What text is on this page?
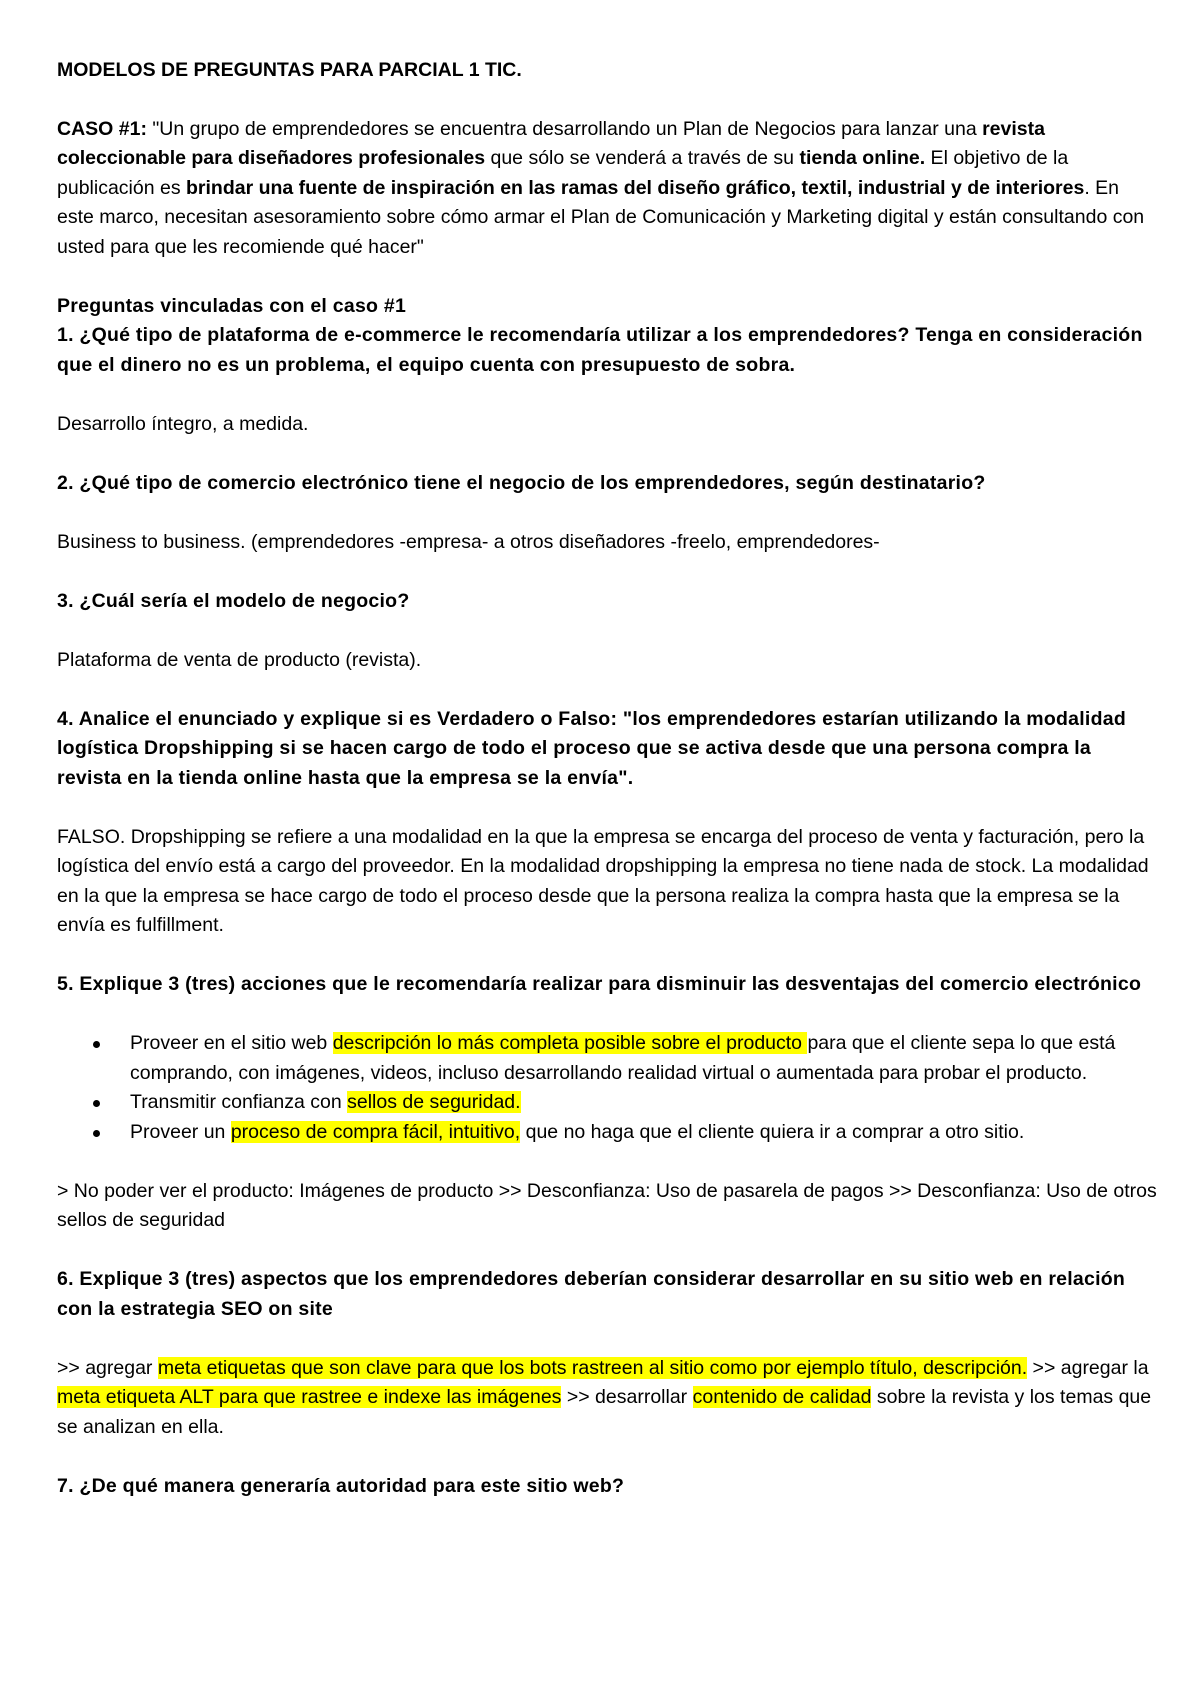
MODELOS DE PREGUNTAS PARA PARCIAL 1 TIC.

CASO #1: "Un grupo de emprendedores se encuentra desarrollando un Plan de Negocios para lanzar una revista coleccionable para diseñadores profesionales que sólo se venderá a través de su tienda online. El objetivo de la publicación es brindar una fuente de inspiración en las ramas del diseño gráfico, textil, industrial y de interiores. En este marco, necesitan asesoramiento sobre cómo armar el Plan de Comunicación y Marketing digital y están consultando con usted para que les recomiende qué hacer"

Preguntas vinculadas con el caso #1

1. ¿Qué tipo de plataforma de e-commerce le recomendaría utilizar a los emprendedores? Tenga en consideración que el dinero no es un problema, el equipo cuenta con presupuesto de sobra.

Desarrollo íntegro, a medida.

2. ¿Qué tipo de comercio electrónico tiene el negocio de los emprendedores, según destinatario?

Business to business. (emprendedores -empresa- a otros diseñadores -freelo, emprendedores-

3. ¿Cuál sería el modelo de negocio?

Plataforma de venta de producto (revista).

4. Analice el enunciado y explique si es Verdadero o Falso: "los emprendedores estarían utilizando la modalidad logística Dropshipping si se hacen cargo de todo el proceso que se activa desde que una persona compra la revista en la tienda online hasta que la empresa se la envía".

FALSO. Dropshipping se refiere a una modalidad en la que la empresa se encarga del proceso de venta y facturación, pero la logística del envío está a cargo del proveedor. En la modalidad dropshipping la empresa no tiene nada de stock. La modalidad en la que la empresa se hace cargo de todo el proceso desde que la persona realiza la compra hasta que la empresa se la envía es fulfillment.

5. Explique 3 (tres) acciones que le recomendaría realizar para disminuir las desventajas del comercio electrónico

Proveer en el sitio web descripción lo más completa posible sobre el producto para que el cliente sepa lo que está comprando, con imágenes, videos, incluso desarrollando realidad virtual o aumentada para probar el producto.
Transmitir confianza con sellos de seguridad.
Proveer un proceso de compra fácil, intuitivo, que no haga que el cliente quiera ir a comprar a otro sitio.

> No poder ver el producto: Imágenes de producto >> Desconfianza: Uso de pasarela de pagos >> Desconfianza: Uso de otros sellos de seguridad

6. Explique 3 (tres) aspectos que los emprendedores deberían considerar desarrollar en su sitio web en relación con la estrategia SEO on site

>> agregar meta etiquetas que son clave para que los bots rastreen al sitio como por ejemplo título, descripción. >> agregar la meta etiqueta ALT para que rastree e indexe las imágenes >> desarrollar contenido de calidad sobre la revista y los temas que se analizan en ella.

7. ¿De qué manera generaría autoridad para este sitio web?
